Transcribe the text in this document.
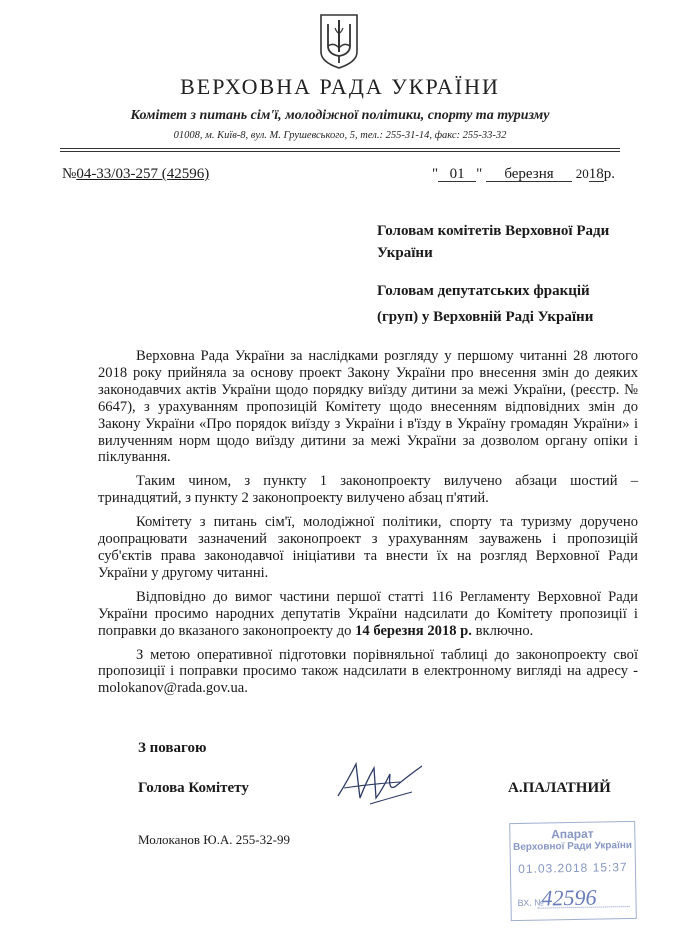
ВЕРХОВНА РАДА УКРАЇНИ
Комітет з питань сім'ї, молодіжної політики, спорту та туризму
01008, м. Київ-8, вул. М. Грушевського, 5, тел.: 255-31-14, факс: 255-33-32
№04-33/03-257 (42596)	" 01 " березня 2018р.
Головам комітетів Верховної Ради України
Головам депутатських фракцій
(груп) у Верховній Раді України

Верховна Рада України за наслідками розгляду у першому читанні 28 лютого 2018 року прийняла за основу проект Закону України про внесення змін до деяких законодавчих актів України щодо порядку виїзду дитини за межі України, (реєстр. № 6647), з урахуванням пропозицій Комітету щодо внесенням відповідних змін до Закону України «Про порядок виїзду з України і в'їзду в Україну громадян України» і вилученням норм щодо виїзду дитини за межі України за дозволом органу опіки і піклування.

Таким чином, з пункту 1 законопроекту вилучено абзаци шостий – тринадцятий, з пункту 2 законопроекту вилучено абзац п'ятий.

Комітету з питань сім'ї, молодіжної політики, спорту та туризму доручено доопрацювати зазначений законопроект з урахуванням зауважень і пропозицій суб'єктів права законодавчої ініціативи та внести їх на розгляд Верховної Ради України у другому читанні.

Відповідно до вимог частини першої статті 116 Регламенту Верховної Ради України просимо народних депутатів України надсилати до Комітету пропозиції і поправки до вказаного законопроекту до 14 березня 2018 р. включно.

З метою оперативної підготовки порівняльної таблиці до законопроекту свої пропозиції і поправки просимо також надсилати в електронному вигляді на адресу - molokanov@rada.gov.ua.

З повагою
Голова Комітету	А.ПАЛАТНИЙ
Молоканов Ю.А. 255-32-99	Апарат
Верховної Ради України
01.03.2018 15:37
ВХ. №
42596
